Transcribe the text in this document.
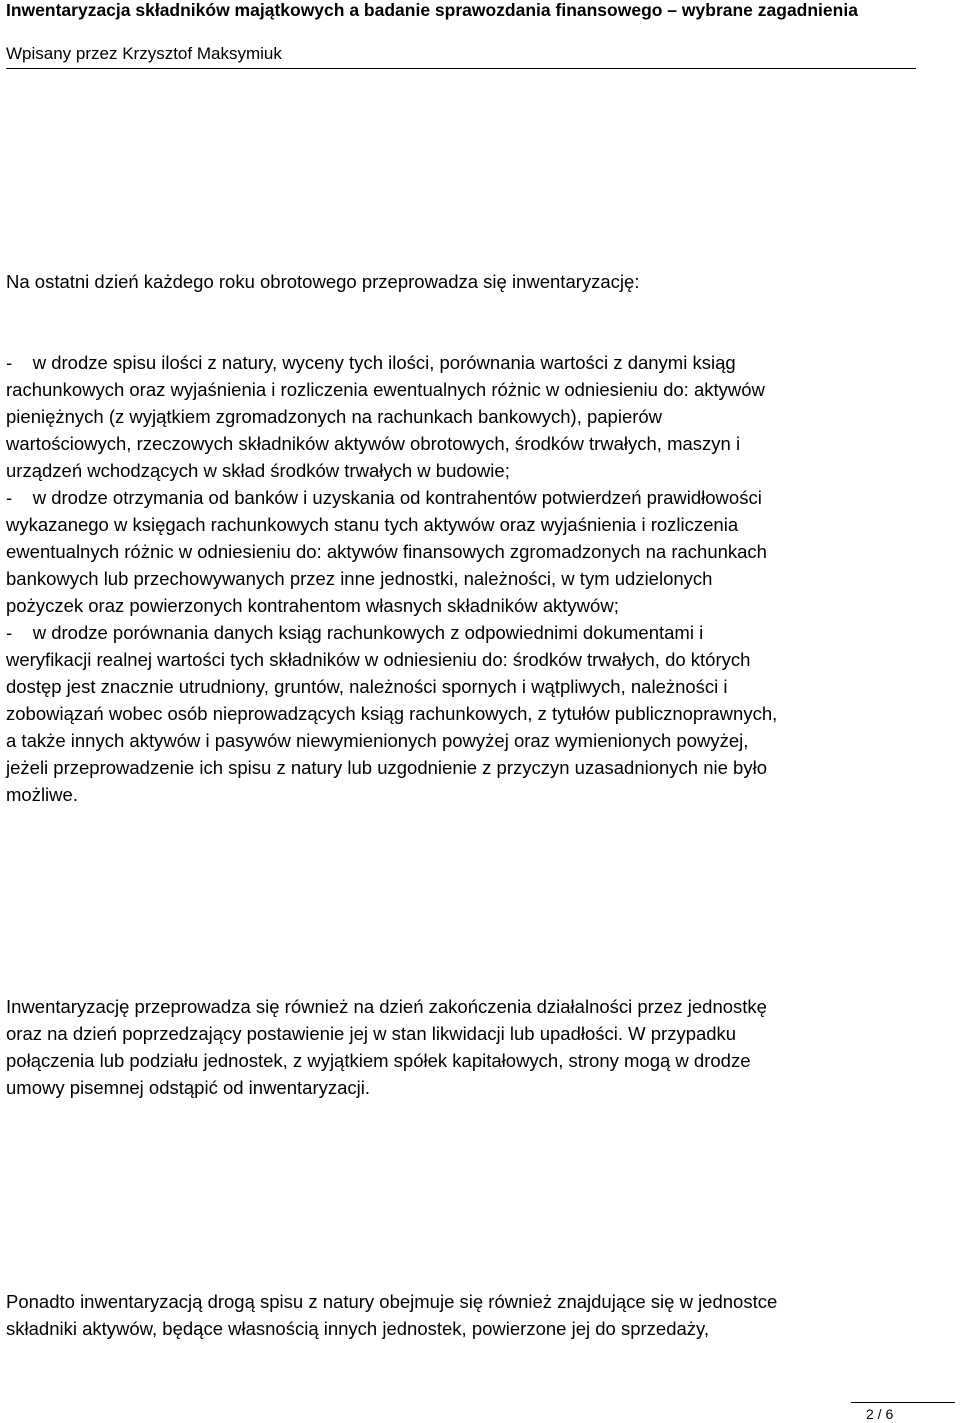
Inwentaryzacja składników majątkowych a badanie sprawozdania finansowego – wybrane zagadnienia
Wpisany przez Krzysztof Maksymiuk
Na ostatni dzień każdego roku obrotowego przeprowadza się inwentaryzację:
-    w drodze spisu ilości z natury, wyceny tych ilości, porównania wartości z danymi ksiąg
rachunkowych oraz wyjaśnienia i rozliczenia ewentualnych różnic w odniesieniu do: aktywów
pieniężnych (z wyjątkiem zgromadzonych na rachunkach bankowych), papierów
wartościowych, rzeczowych składników aktywów obrotowych, środków trwałych, maszyn i
urządzeń wchodzących w skład środków trwałych w budowie;
-    w drodze otrzymania od banków i uzyskania od kontrahentów potwierdzeń prawidłowości
wykazanego w księgach rachunkowych stanu tych aktywów oraz wyjaśnienia i rozliczenia
ewentualnych różnic w odniesieniu do: aktywów finansowych zgromadzonych na rachunkach
bankowych lub przechowywanych przez inne jednostki, należności, w tym udzielonych
pożyczek oraz powierzonych kontrahentom własnych składników aktywów;
-    w drodze porównania danych ksiąg rachunkowych z odpowiednimi dokumentami i
weryfikacji realnej wartości tych składników w odniesieniu do: środków trwałych, do których
dostęp jest znacznie utrudniony, gruntów, należności spornych i wątpliwych, należności i
zobowiązań wobec osób nieprowadzących ksiąg rachunkowych, z tytułów publicznoprawnych,
a także innych aktywów i pasywów niewymienionych powyżej oraz wymienionych powyżej,
jeżeli przeprowadzenie ich spisu z natury lub uzgodnienie z przyczyn uzasadnionych nie było
możliwe.
Inwentaryzację przeprowadza się również na dzień zakończenia działalności przez jednostkę
oraz na dzień poprzedzający postawienie jej w stan likwidacji lub upadłości. W przypadku
połączenia lub podziału jednostek, z wyjątkiem spółek kapitałowych, strony mogą w drodze
umowy pisemnej odstąpić od inwentaryzacji.
Ponadto inwentaryzacją drogą spisu z natury obejmuje się również znajdujące się w jednostce
składniki aktywów, będące własnością innych jednostek, powierzone jej do sprzedaży,
2 / 6
